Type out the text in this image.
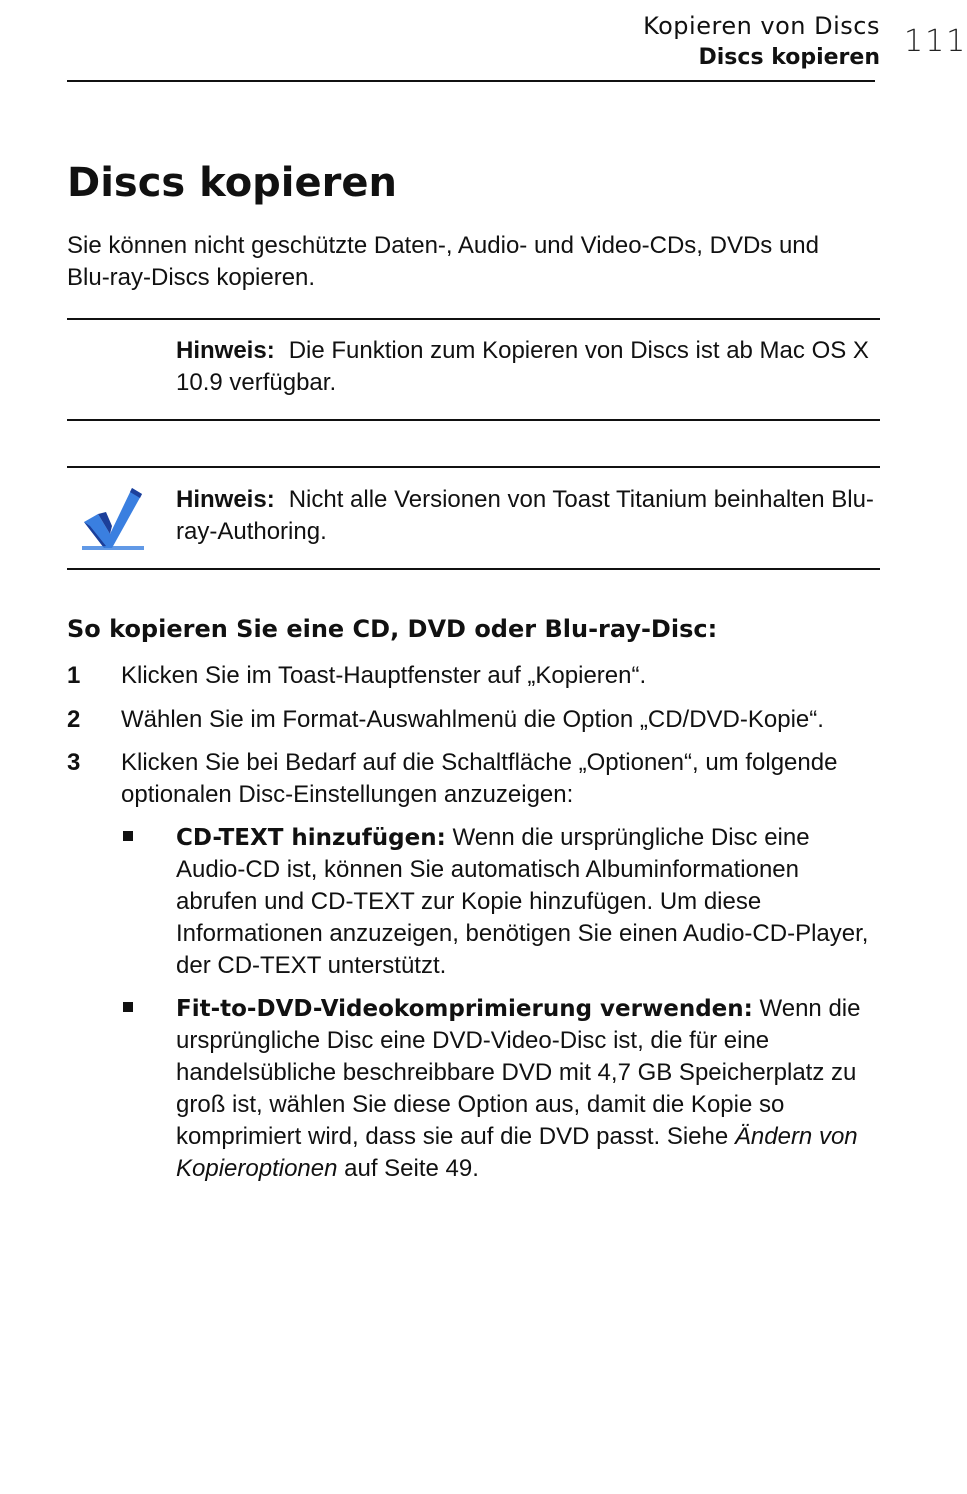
Kopieren von Discs
Discs kopieren 111
Discs kopieren
Sie können nicht geschützte Daten-, Audio- und Video-CDs, DVDs und Blu-ray-Discs kopieren.
Hinweis: Die Funktion zum Kopieren von Discs ist ab Mac OS X 10.9 verfügbar.
Hinweis: Nicht alle Versionen von Toast Titanium beinhalten Blu-ray-Authoring.
So kopieren Sie eine CD, DVD oder Blu-ray-Disc:
1 Klicken Sie im Toast-Hauptfenster auf „Kopieren“.
2 Wählen Sie im Format-Auswahlmenü die Option „CD/DVD-Kopie“.
3 Klicken Sie bei Bedarf auf die Schaltfläche „Optionen“, um folgende optionalen Disc-Einstellungen anzuzeigen:
CD-TEXT hinzufügen: Wenn die ursprüngliche Disc eine Audio-CD ist, können Sie automatisch Albuminformationen abrufen und CD-TEXT zur Kopie hinzufügen. Um diese Informationen anzuzeigen, benötigen Sie einen Audio-CD-Player, der CD-TEXT unterstützt.
Fit-to-DVD-Videokomprimierung verwenden: Wenn die ursprüngliche Disc eine DVD-Video-Disc ist, die für eine handelsübliche beschreibbare DVD mit 4,7 GB Speicherplatz zu groß ist, wählen Sie diese Option aus, damit die Kopie so komprimiert wird, dass sie auf die DVD passt. Siehe Ändern von Kopieroptionen auf Seite 49.
